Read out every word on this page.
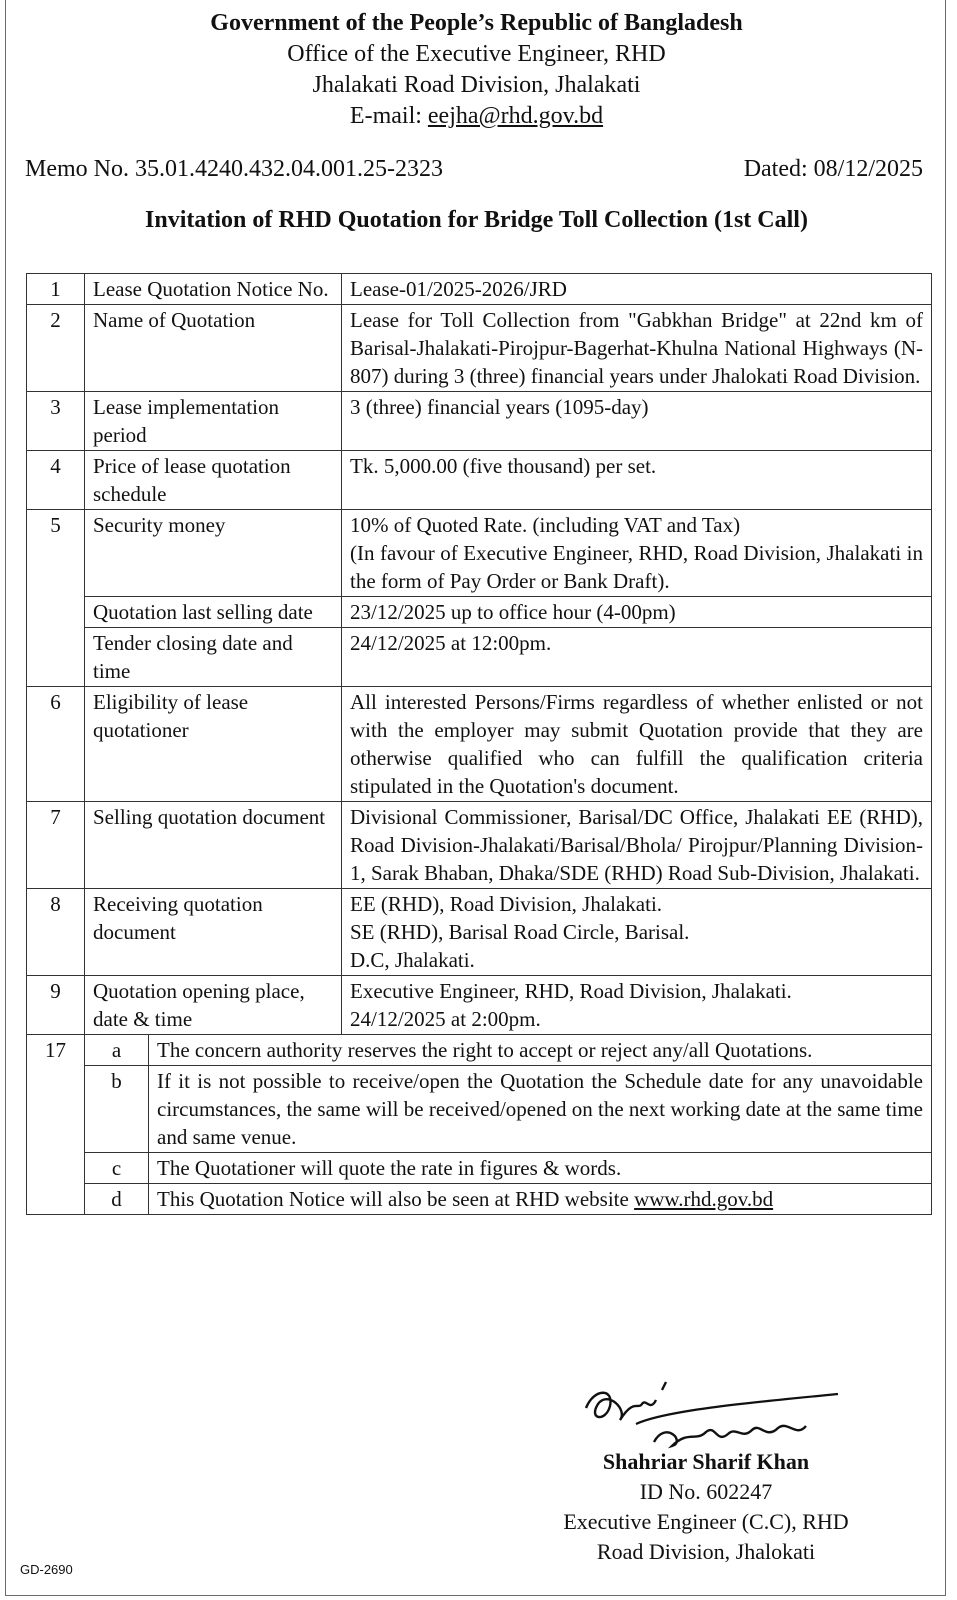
Government of the People’s Republic of Bangladesh
Office of the Executive Engineer, RHD
Jhalakati Road Division, Jhalakati
E-mail: eejha@rhd.gov.bd
Memo No. 35.01.4240.432.04.001.25-2323	Dated: 08/12/2025
Invitation of RHD Quotation for Bridge Toll Collection (1st Call)
1	Lease Quotation Notice No.		Lease-01/2025-2026/JRD
2	Name of Quotation		Lease for Toll Collection from "Gabkhan Bridge" at 22nd km of Barisal-Jhalakati-Pirojpur-Bagerhat-Khulna National Highways (N-807) during 3 (three) financial years under Jhalokati Road Division.
3	Lease implementation period		3 (three) financial years (1095-day)
4	Price of lease quotation schedule		Tk. 5,000.00 (five thousand) per set.
5	Security money		10% of Quoted Rate. (including VAT and Tax)
(In favour of Executive Engineer, RHD, Road Division, Jhalakati in the form of Pay Order or Bank Draft).

	Quotation last selling date		23/12/2025 up to office hour (4-00pm)
	Tender closing date and time		24/12/2025 at 12:00pm.
6	Eligibility of lease quotationer		All interested Persons/Firms regardless of whether enlisted or not with the employer may submit Quotation provide that they are otherwise qualified who can fulfill the qualification criteria stipulated in the Quotation's document.
7	Selling quotation document		Divisional Commissioner, Barisal/DC Office, Jhalakati EE (RHD), Road Division-Jhalakati/Barisal/Bhola/ Pirojpur/Planning Division-1, Sarak Bhaban, Dhaka/SDE (RHD) Road Sub-Division, Jhalakati.
8	Receiving quotation document		EE (RHD), Road Division, Jhalakati.
SE (RHD), Barisal Road Circle, Barisal.
D.C, Jhalakati.

9	Quotation opening place, date & time		Executive Engineer, RHD, Road Division, Jhalakati.
24/12/2025 at 2:00pm.

17	a	The concern authority reserves the right to accept or reject any/all Quotations.	
	b	If it is not possible to receive/open the Quotation the Schedule date for any unavoidable circumstances, the same will be received/opened on the next working date at the same time and same venue.	
	c	The Quotationer will quote the rate in figures & words.	
	d	This Quotation Notice will also be seen at RHD website www.rhd.gov.bd	
Shahriar Sharif Khan
ID No. 602247
Executive Engineer (C.C), RHD
Road Division, Jhalokati
GD-2690
